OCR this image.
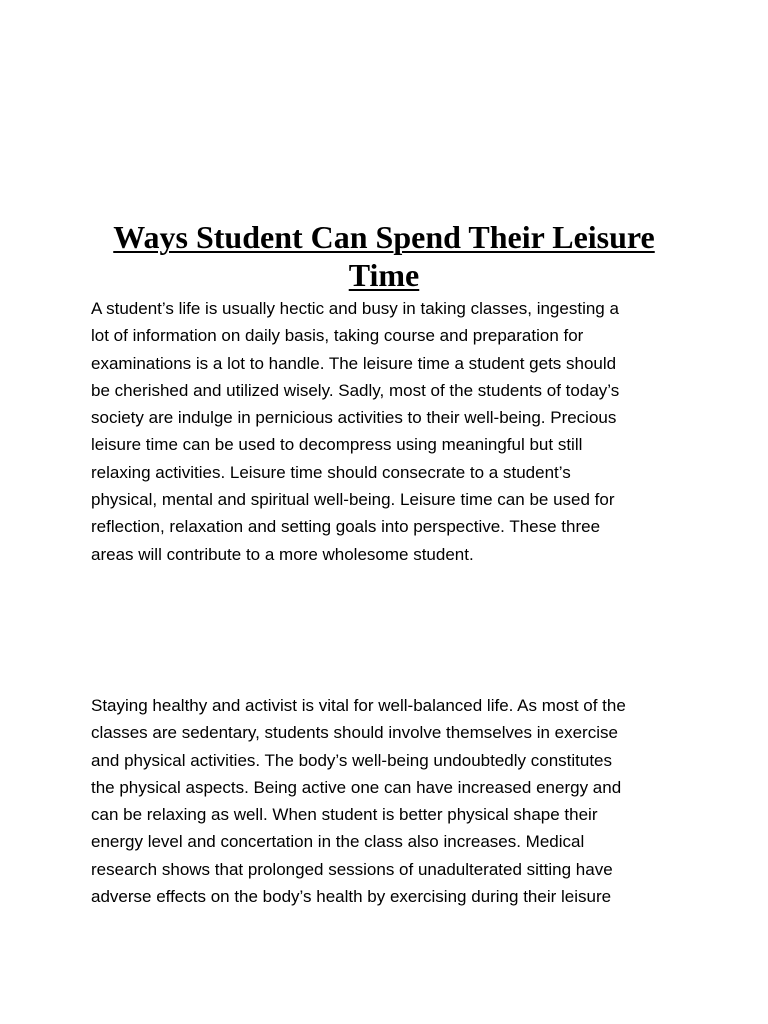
Ways Student Can Spend Their Leisure
Time

A student’s life is usually hectic and busy in taking classes, ingesting a
lot of information on daily basis, taking course and preparation for
examinations is a lot to handle. The leisure time a student gets should
be cherished and utilized wisely. Sadly, most of the students of today’s
society are indulge in pernicious activities to their well-being. Precious
leisure time can be used to decompress using meaningful but still
relaxing activities. Leisure time should consecrate to a student’s
physical, mental and spiritual well-being. Leisure time can be used for
reflection, relaxation and setting goals into perspective. These three
areas will contribute to a more wholesome student.

Staying healthy and activist is vital for well-balanced life. As most of the
classes are sedentary, students should involve themselves in exercise
and physical activities. The body’s well-being undoubtedly constitutes
the physical aspects. Being active one can have increased energy and
can be relaxing as well. When student is better physical shape their
energy level and concertation in the class also increases. Medical
research shows that prolonged sessions of unadulterated sitting have
adverse effects on the body’s health by exercising during their leisure
